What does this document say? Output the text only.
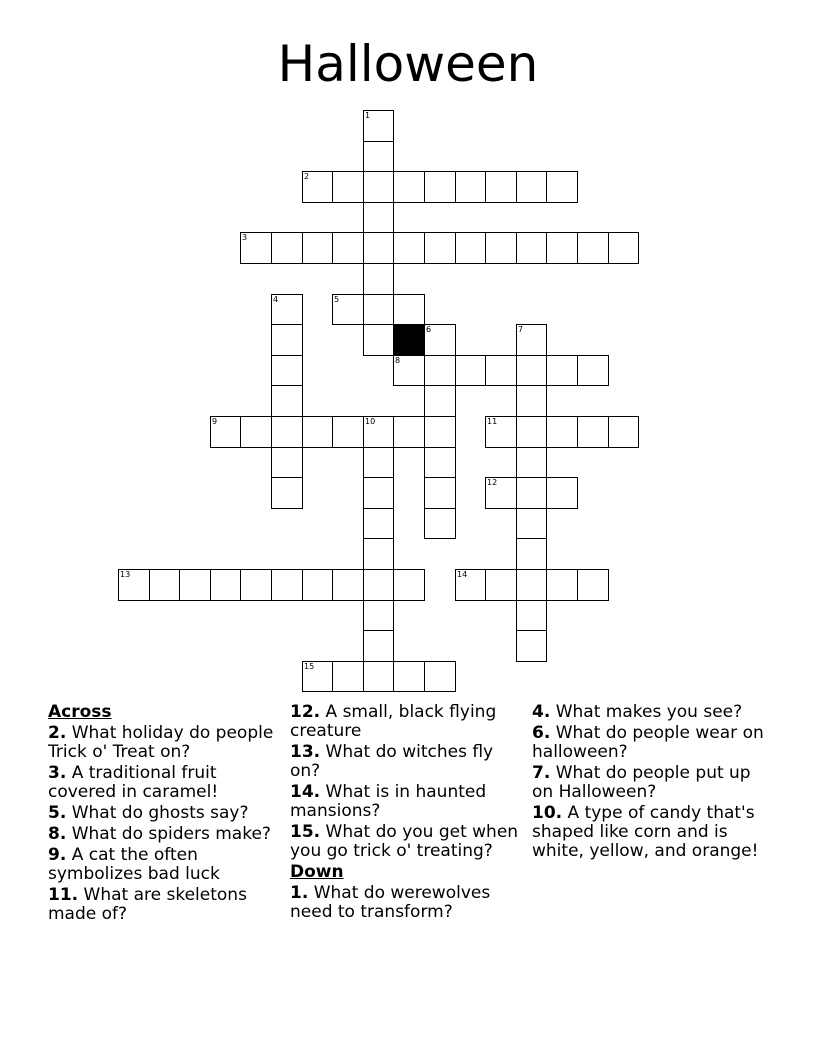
Halloween
1
2
3
4	5
6	7
8
9	10	11
12
13	14
15
Across
2. What holiday do people Trick o' Treat on?
3. A traditional fruit covered in caramel!
5. What do ghosts say?
8. What do spiders make?
9. A cat the often symbolizes bad luck
11. What are skeletons made of?
12. A small, black flying creature
13. What do witches fly on?
14. What is in haunted mansions?
15. What do you get when you go trick o' treating?
Down
1. What do werewolves need to transform?
4. What makes you see?
6. What do people wear on halloween?
7. What do people put up on Halloween?
10. A type of candy that's shaped like corn and is white, yellow, and orange!
